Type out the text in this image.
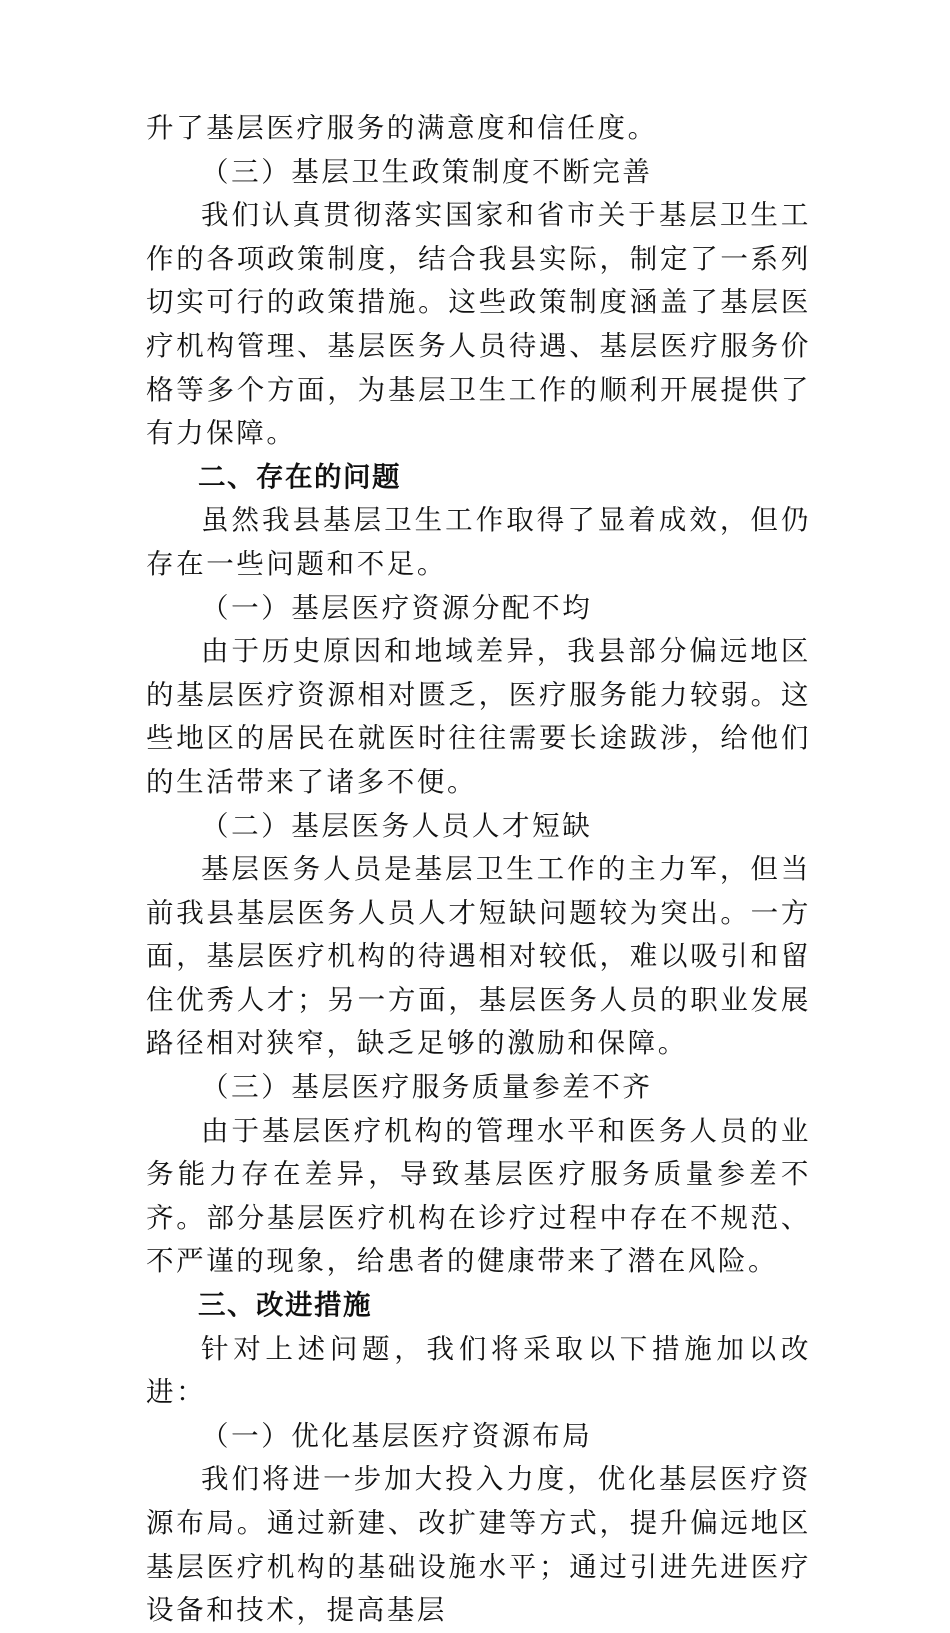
升了基层医疗服务的满意度和信任度。

（三）基层卫生政策制度不断完善

我们认真贯彻落实国家和省市关于基层卫生工作的各项政策制度，结合我县实际，制定了一系列切实可行的政策措施。这些政策制度涵盖了基层医疗机构管理、基层医务人员待遇、基层医疗服务价格等多个方面，为基层卫生工作的顺利开展提供了有力保障。

二、存在的问题

虽然我县基层卫生工作取得了显着成效，但仍存在一些问题和不足。

（一）基层医疗资源分配不均

由于历史原因和地域差异，我县部分偏远地区的基层医疗资源相对匮乏，医疗服务能力较弱。这些地区的居民在就医时往往需要长途跋涉，给他们的生活带来了诸多不便。

（二）基层医务人员人才短缺

基层医务人员是基层卫生工作的主力军，但当前我县基层医务人员人才短缺问题较为突出。一方面，基层医疗机构的待遇相对较低，难以吸引和留住优秀人才；另一方面，基层医务人员的职业发展路径相对狭窄，缺乏足够的激励和保障。

（三）基层医疗服务质量参差不齐

由于基层医疗机构的管理水平和医务人员的业务能力存在差异，导致基层医疗服务质量参差不齐。部分基层医疗机构在诊疗过程中存在不规范、不严谨的现象，给患者的健康带来了潜在风险。

三、改进措施

针对上述问题，我们将采取以下措施加以改进：

（一）优化基层医疗资源布局

我们将进一步加大投入力度，优化基层医疗资源布局。通过新建、改扩建等方式，提升偏远地区基层医疗机构的基础设施水平；通过引进先进医疗设备和技术，提高基层
